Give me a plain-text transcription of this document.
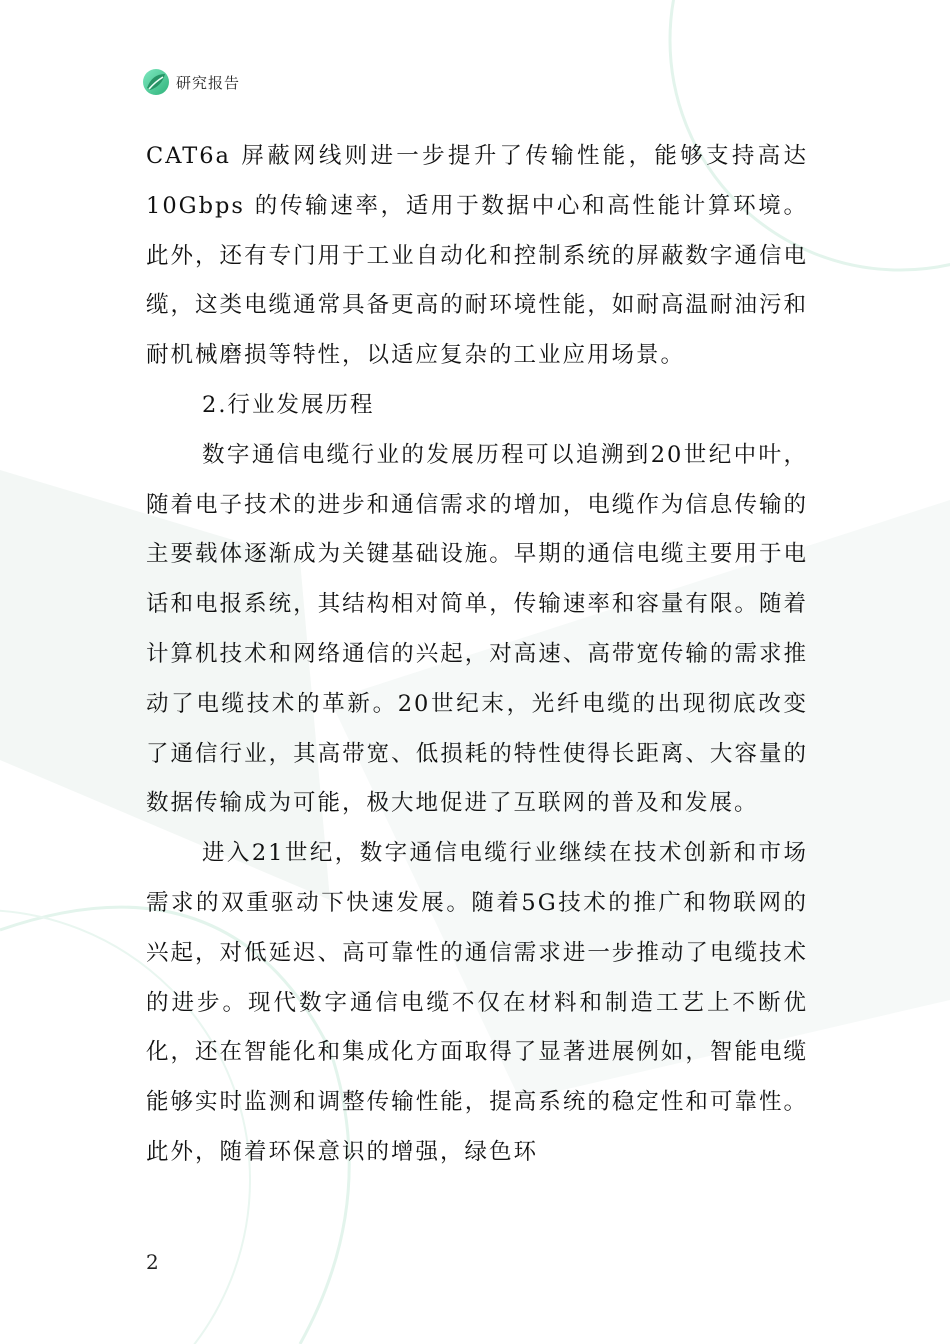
研究报告

CAT6a 屏蔽网线则进一步提升了传输性能，能够支持高达10Gbps 的传输速率，适用于数据中心和高性能计算环境。此外，还有专门用于工业自动化和控制系统的屏蔽数字通信电缆，这类电缆通常具备更高的耐环境性能，如耐高温耐油污和耐机械磨损等特性，以适应复杂的工业应用场景。

2.行业发展历程

数字通信电缆行业的发展历程可以追溯到20世纪中叶，随着电子技术的进步和通信需求的增加，电缆作为信息传输的主要载体逐渐成为关键基础设施。早期的通信电缆主要用于电话和电报系统，其结构相对简单，传输速率和容量有限。随着计算机技术和网络通信的兴起，对高速、高带宽传输的需求推动了电缆技术的革新。20世纪末，光纤电缆的出现彻底改变了通信行业，其高带宽、低损耗的特性使得长距离、大容量的数据传输成为可能，极大地促进了互联网的普及和发展。

进入21世纪，数字通信电缆行业继续在技术创新和市场需求的双重驱动下快速发展。随着5G技术的推广和物联网的兴起，对低延迟、高可靠性的通信需求进一步推动了电缆技术的进步。现代数字通信电缆不仅在材料和制造工艺上不断优化，还在智能化和集成化方面取得了显著进展例如，智能电缆能够实时监测和调整传输性能，提高系统的稳定性和可靠性。此外，随着环保意识的增强，绿色环

2
